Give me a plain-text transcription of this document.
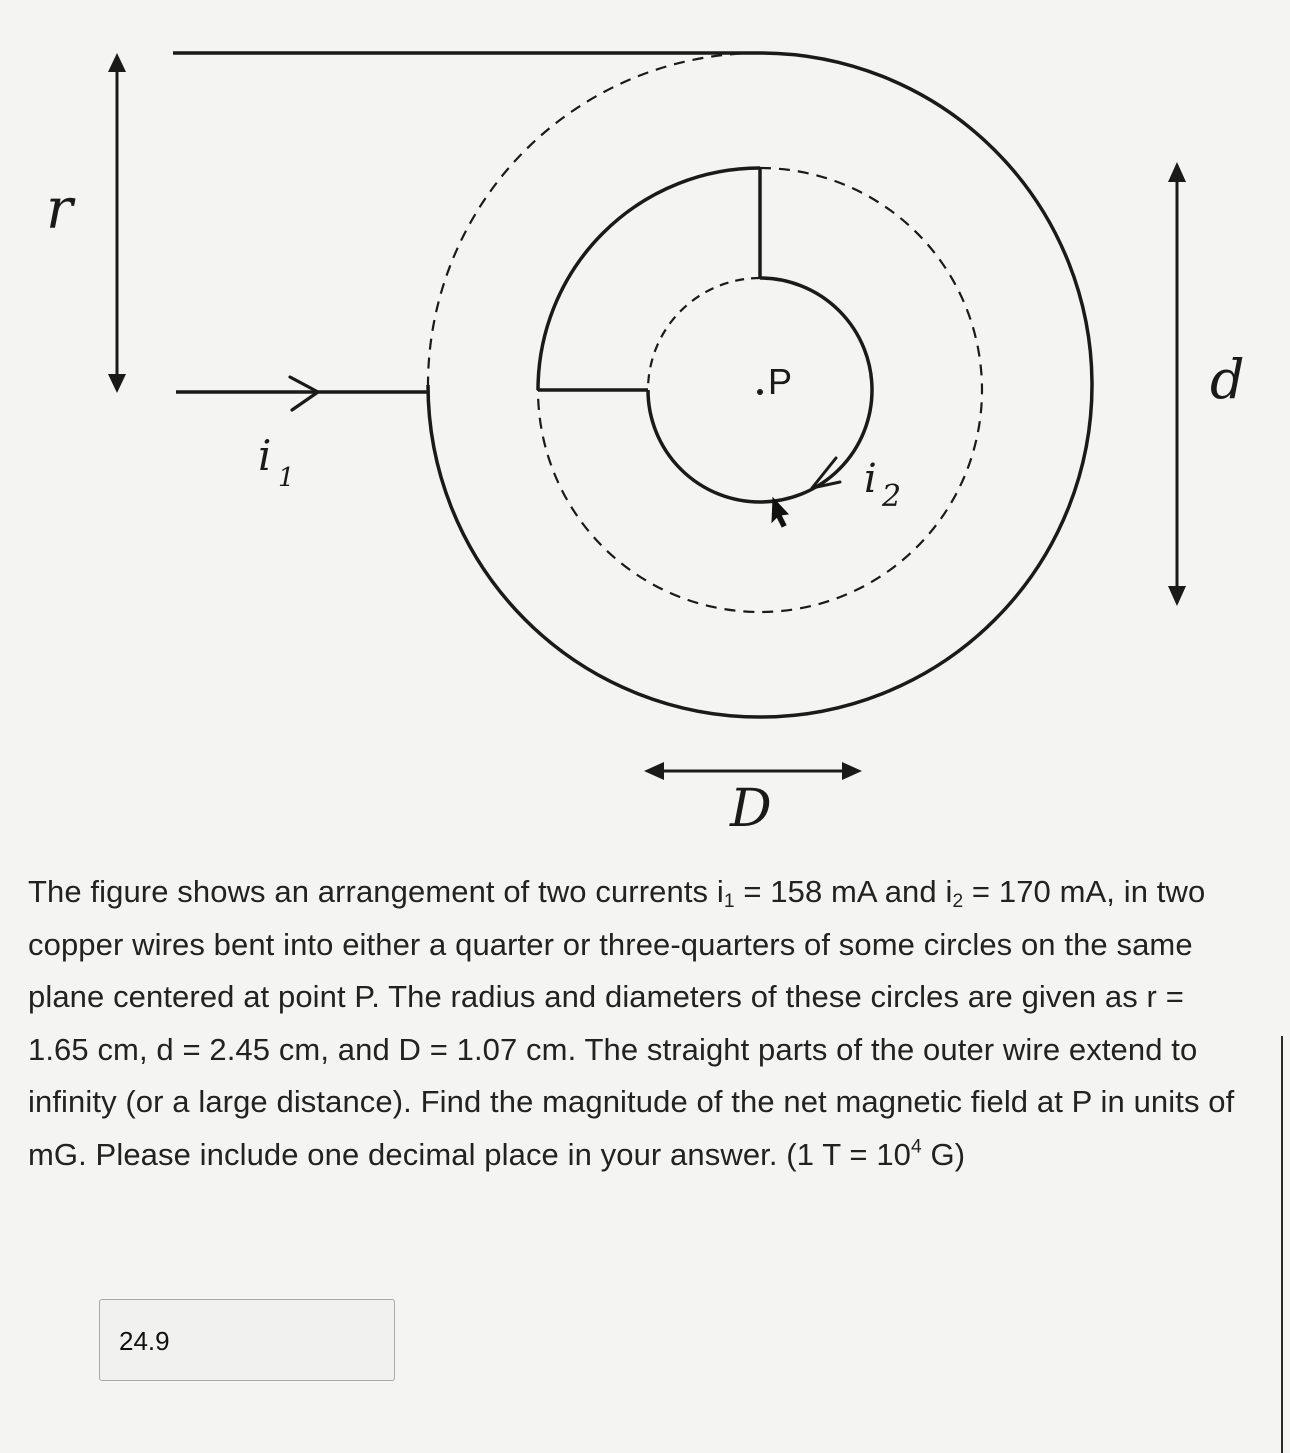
P
r
d
D
i 1	i 2
The figure shows an arrangement of two currents $i_1 = 158$ mA and $i_2 = 170$ mA, in two copper wires bent into either a quarter or three-quarters of some circles on the same plane centered at point P. The radius and diameters of these circles are given as r = 1.65 cm, d = 2.45 cm, and D = 1.07 cm. The straight parts of the outer wire extend to infinity (or a large distance). Find the magnitude of the net magnetic field at P in units of mG. Please include one decimal place in your answer. (1 $T = 10^4$ G)
24.9
